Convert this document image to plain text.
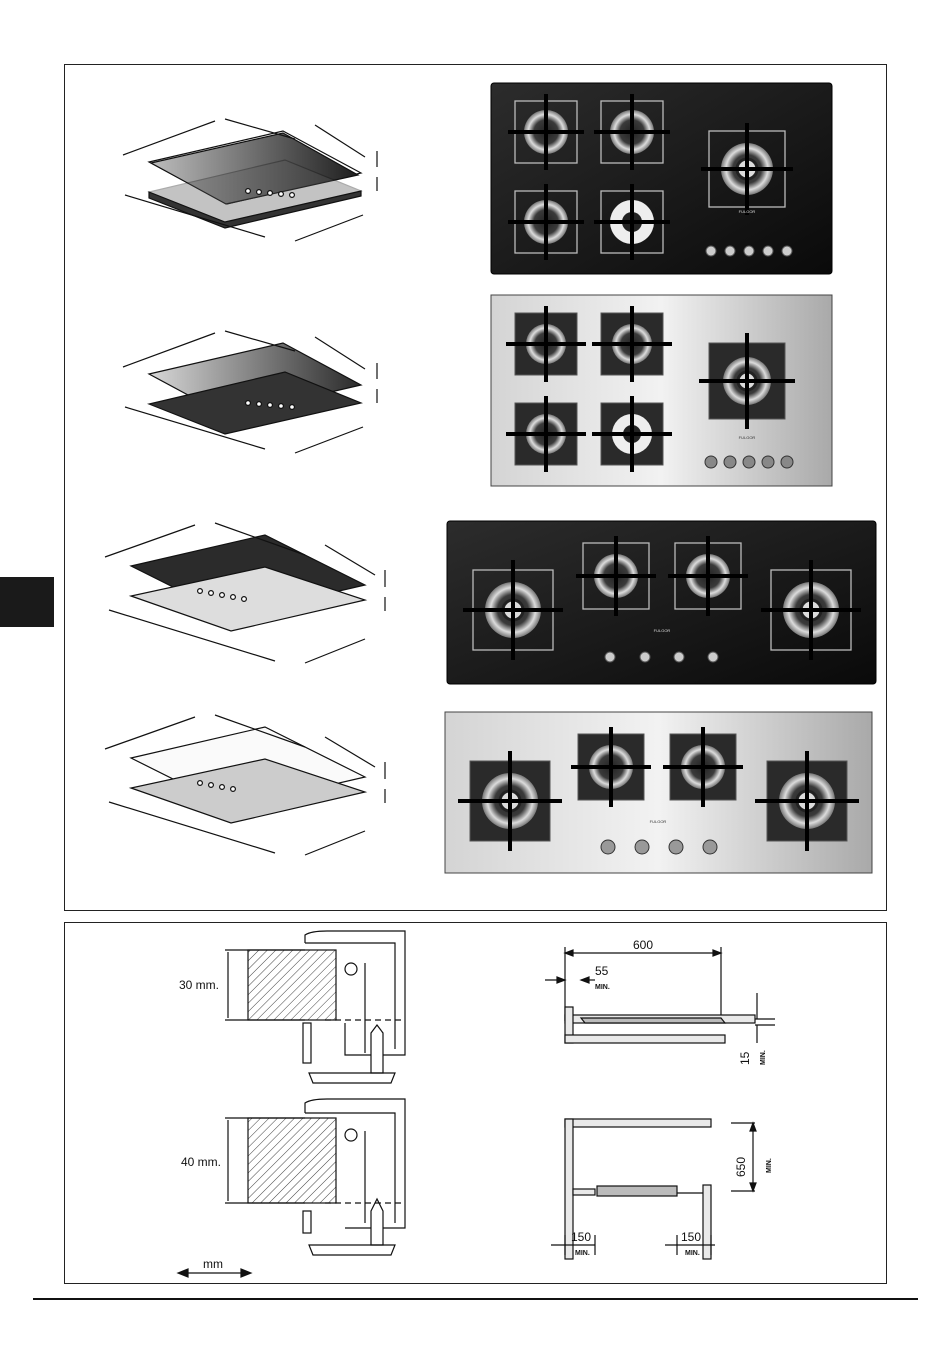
FULGOR
FULGOR
FULGOR
FULGOR
30 mm.
40 mm.
mm
600
55
MIN.
15 MIN.
650	MIN.
150
MIN.
150
MIN.
